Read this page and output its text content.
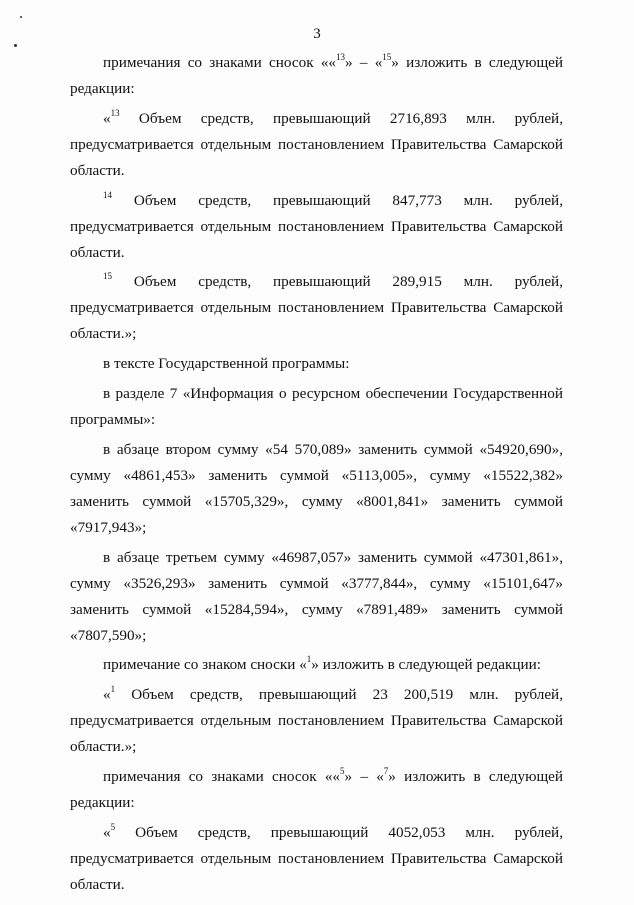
3

примечания со знаками сносок ««$^{13}$» – «$^{15}$» изложить в следующей редакции:

«$^{13}$ Объем средств, превышающий 2716,893 млн. рублей, предусматривается отдельным постановлением Правительства Самарской области.

$^{14}$ Объем средств, превышающий 847,773 млн. рублей, предусматривается отдельным постановлением Правительства Самарской области.

$^{15}$ Объем средств, превышающий 289,915 млн. рублей, предусматривается отдельным постановлением Правительства Самарской области.»;

в тексте Государственной программы:

в разделе 7 «Информация о ресурсном обеспечении Государственной программы»:

в абзаце втором сумму «54 570,089» заменить суммой «54920,690», сумму «4861,453» заменить суммой «5113,005», сумму «15522,382» заменить суммой «15705,329», сумму «8001,841» заменить суммой «7917,943»;

в абзаце третьем сумму «46987,057» заменить суммой «47301,861», сумму «3526,293» заменить суммой «3777,844», сумму «15101,647» заменить суммой «15284,594», сумму «7891,489» заменить суммой «7807,590»;

примечание со знаком сноски «$^1$» изложить в следующей редакции:

«$^1$ Объем средств, превышающий 23 200,519 млн. рублей, предусматривается отдельным постановлением Правительства Самарской области.»;

примечания со знаками сносок ««$^5$» – «$^7$» изложить в следующей редакции:

«$^5$ Объем средств, превышающий 4052,053 млн. рублей, предусматривается отдельным постановлением Правительства Самарской области.
